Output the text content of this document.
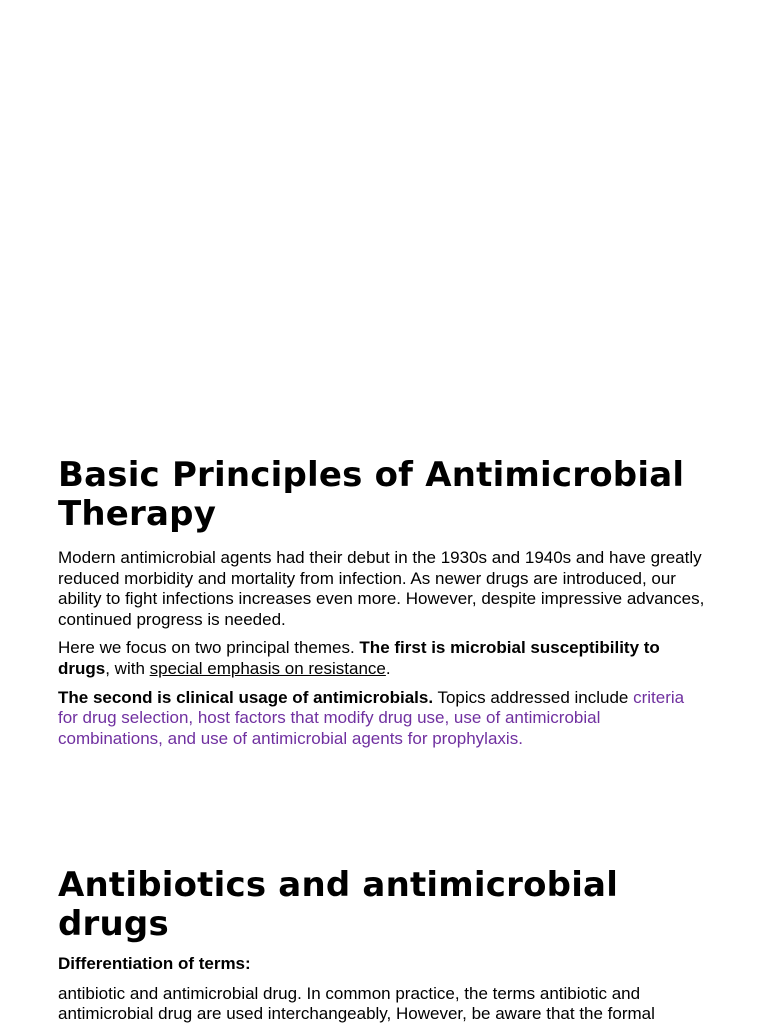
Basic Principles of Antimicrobial Therapy

Modern antimicrobial agents had their debut in the 1930s and 1940s and have greatly reduced morbidity and mortality from infection. As newer drugs are introduced, our ability to fight infections increases even more. However, despite impressive advances, continued progress is needed.

Here we focus on two principal themes. The first is microbial susceptibility to drugs, with special emphasis on resistance.

The second is clinical usage of antimicrobials. Topics addressed include criteria for drug selection, host factors that modify drug use, use of antimicrobial combinations, and use of antimicrobial agents for prophylaxis.

Antibiotics and antimicrobial drugs

Differentiation of terms:

antibiotic and antimicrobial drug. In common practice, the terms antibiotic and antimicrobial drug are used interchangeably, However, be aware that the formal
